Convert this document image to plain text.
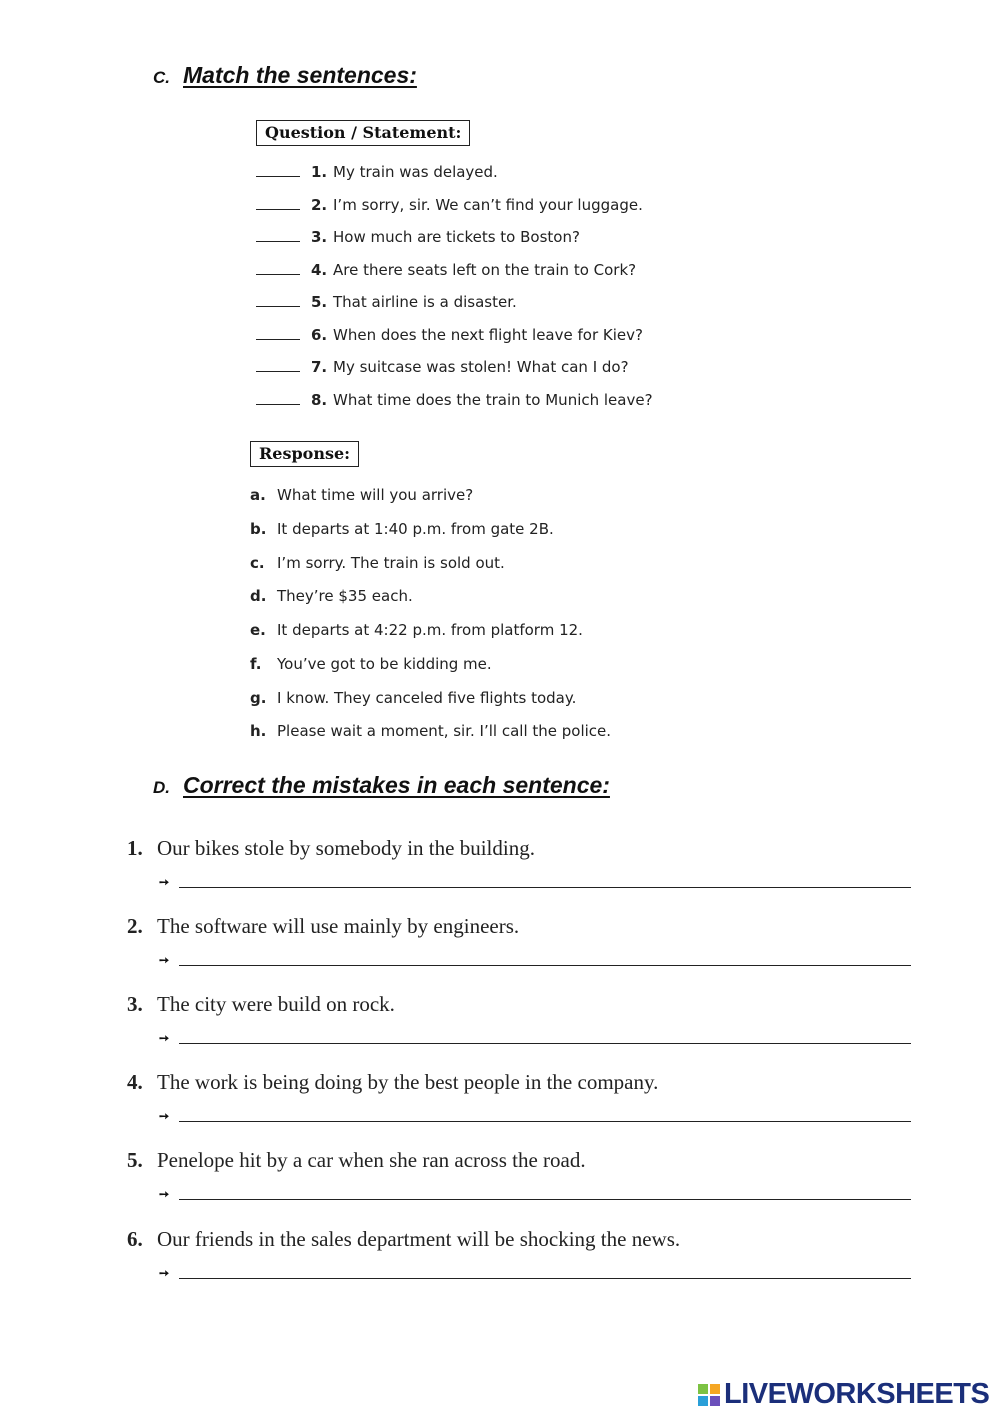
C. Match the sentences:
Question / Statement:
1. My train was delayed.
2. I’m sorry, sir. We can’t find your luggage.
3. How much are tickets to Boston?
4. Are there seats left on the train to Cork?
5. That airline is a disaster.
6. When does the next flight leave for Kiev?
7. My suitcase was stolen! What can I do?
8. What time does the train to Munich leave?
Response:
a. What time will you arrive?
b. It departs at 1:40 p.m. from gate 2B.
c. I’m sorry. The train is sold out.
d. They’re $35 each.
e. It departs at 4:22 p.m. from platform 12.
f.	You’ve got to be kidding me.
g. I know. They canceled five flights today.
h. Please wait a moment, sir. I’ll call the police.
D. Correct the mistakes in each sentence:
1. Our bikes stole by somebody in the building.
➙
2. The software will use mainly by engineers.
➙
3. The city were build on rock.
➙
4. The work is being doing by the best people in the company.
➙
5. Penelope hit by a car when she ran across the road.
➙
6. Our friends in the sales department will be shocking the news.
➙
LIVEWORKSHEETS
